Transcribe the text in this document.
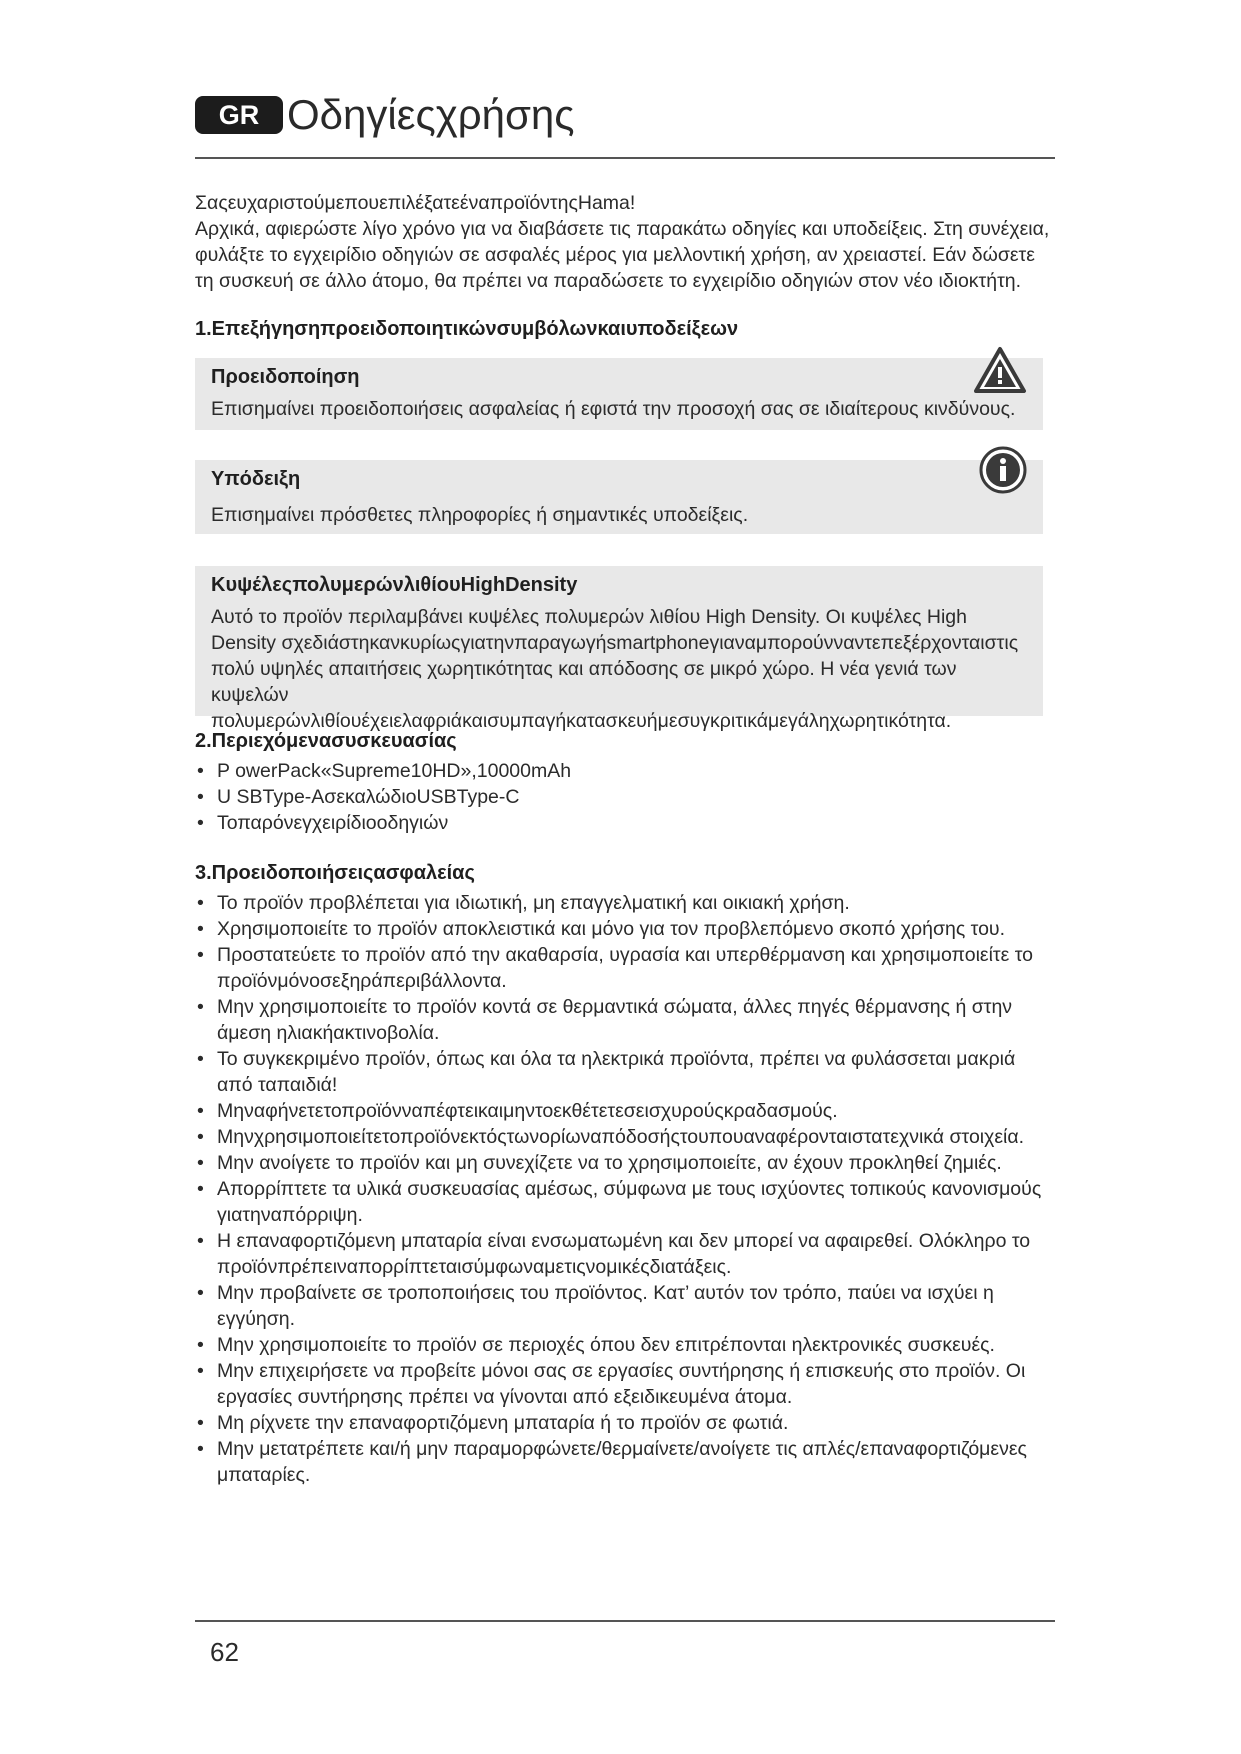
GR Οδηγίεςχρήσης

ΣαςευχαριστούμεπουεπιλέξατεέναπροϊόντηςHama!

Αρχικά, αφιερώστε λίγο χρόνο για να διαβάσετε τις παρακάτω οδηγίες και υποδείξεις. Στη συνέχεια, φυλάξτε το εγχειρίδιο οδηγιών σε ασφαλές μέρος για μελλοντική χρήση, αν χρειαστεί. Εάν δώσετε τη συσκευή σε άλλο άτομο, θα πρέπει να παραδώσετε το εγχειρίδιο οδηγιών στον νέο ιδιοκτήτη.

1.Επεξήγησηπροειδοποιητικώνσυμβόλωνκαιυποδείξεων
Προειδοποίηση
Επισημαίνει προειδοποιήσεις ασφαλείας ή εφιστά την προσοχή σας σε ιδιαίτερους κινδύνους.
Υπόδειξη
Επισημαίνει πρόσθετες πληροφορίες ή σημαντικές υποδείξεις.
ΚυψέλεςπολυμερώνλιθίουHighDensity

Αυτό το προϊόν περιλαμβάνει κυψέλες πολυμερών λιθίου High Density. Οι κυψέλες High Density σχεδιάστηκανκυρίωςγιατηνπαραγωγήsmartphoneγιαναμπορούνναντεπεξέρχονταιστις

πολύ υψηλές απαιτήσεις χωρητικότητας και απόδοσης σε μικρό χώρο. Η νέα γενιά των κυψελών πολυμερώνλιθίουέχειελαφριάκαισυμπαγήκατασκευήμεσυγκριτικάμεγάληχωρητικότητα.

2.Περιεχόμενασυσκευασίας
• P owerPack«Supreme10HD»,10000mAh
• U SBType-ΑσεκαλώδιοUSBType-C
• Τοπαρόνεγχειρίδιοοδηγιών
3.Προειδοποιήσειςασφαλείας
• Το προϊόν προβλέπεται για ιδιωτική, μη επαγγελματική και οικιακή χρήση.
• Χρησιμοποιείτε το προϊόν αποκλειστικά και μόνο για τον προβλεπόμενο σκοπό χρήσης του.
• Προστατεύετε το προϊόν από την ακαθαρσία, υγρασία και υπερθέρμανση και χρησιμοποιείτε το προϊόνμόνοσεξηράπεριβάλλοντα.
• Μην χρησιμοποιείτε το προϊόν κοντά σε θερμαντικά σώματα, άλλες πηγές θέρμανσης ή στην άμεση ηλιακήακτινοβολία.
• Το συγκεκριμένο προϊόν, όπως και όλα τα ηλεκτρικά προϊόντα, πρέπει να φυλάσσεται μακριά από ταπαιδιά!
• Μηναφήνετετοπροϊόνναπέφτεικαιμηντοεκθέτετεσεισχυρούςκραδασμούς.
• Μηνχρησιμοποιείτετοπροϊόνεκτόςτωνορίωναπόδοσήςτουπουαναφέρονταιστατεχνικά στοιχεία.
• Μην ανοίγετε το προϊόν και μη συνεχίζετε να το χρησιμοποιείτε, αν έχουν προκληθεί ζημιές.
• Απορρίπτετε τα υλικά συσκευασίας αμέσως, σύμφωνα με τους ισχύοντες τοπικούς κανονισμούς γιατηναπόρριψη.
• Η επαναφορτιζόμενη μπαταρία είναι ενσωματωμένη και δεν μπορεί να αφαιρεθεί. Ολόκληρο το προϊόνπρέπειναπορρίπτεταισύμφωναμετιςνομικέςδιατάξεις.
• Μην προβαίνετε σε τροποποιήσεις του προϊόντος. Κατ’ αυτόν τον τρόπο, παύει να ισχύει η εγγύηση.
• Μην χρησιμοποιείτε το προϊόν σε περιοχές όπου δεν επιτρέπονται ηλεκτρονικές συσκευές.
• Μην επιχειρήσετε να προβείτε μόνοι σας σε εργασίες συντήρησης ή επισκευής στο προϊόν. Οι εργασίες συντήρησης πρέπει να γίνονται από εξειδικευμένα άτομα.
• Μη ρίχνετε την επαναφορτιζόμενη μπαταρία ή το προϊόν σε φωτιά.
• Μην μετατρέπετε και/ή μην παραμορφώνετε/θερμαίνετε/ανοίγετε τις απλές/επαναφορτιζόμενες μπαταρίες.
62
